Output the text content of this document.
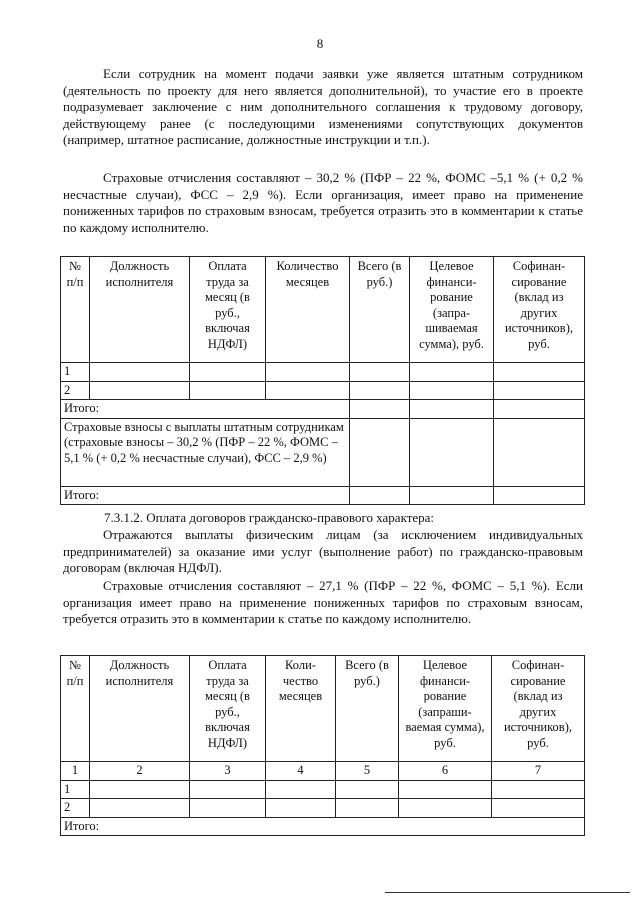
8

Если сотрудник на момент подачи заявки уже является штатным сотрудником (деятельность по проекту для него является дополнительной), то участие его в проекте подразумевает заключение с ним дополнительного соглашения к трудовому договору, действующему ранее (с последующими изменениями сопутствующих документов (например, штатное расписание, должностные инструкции и т.п.).

Страховые отчисления составляют – 30,2 % (ПФР – 22 %, ФОМС –5,1 % (+ 0,2 % несчастные случаи), ФСС – 2,9 %). Если организация, имеет право на применение пониженных тарифов по страховым взносам, требуется отразить это в комментарии к статье по каждому исполнителю.

№ п/п	Должность исполнителя	Оплата труда за месяц (в руб., включая НДФЛ)	Количество месяцев	Всего (в руб.)	Целевое финанси-рование (запра-шиваемая сумма), руб.	Софинан-сирование (вклад из других источников), руб.
1						
2						
Итого:						
Страховые взносы с выплаты штатным сотрудникам (страховые взносы – 30,2 % (ПФР – 22 %, ФОМС – 5,1 % (+ 0,2 % несчастные случаи), ФСС – 2,9 %)						
Итого:						

7.3.1.2. Оплата договоров гражданско-правового характера:

Отражаются выплаты физическим лицам (за исключением индивидуальных предпринимателей) за оказание ими услуг (выполнение работ) по гражданско-правовым договорам (включая НДФЛ).

Страховые отчисления составляют – 27,1 % (ПФР – 22 %, ФОМС – 5,1 %). Если организация имеет право на применение пониженных тарифов по страховым взносам, требуется отразить это в комментарии к статье по каждому исполнителю.

№ п/п	Должность исполнителя	Оплата труда за месяц (в руб., включая НДФЛ)	Коли-чество месяцев	Всего (в руб.)	Целевое финанси-рование (запраши-ваемая сумма), руб.	Софинан-сирование (вклад из других источников), руб.
1	2	3	4	5	6	7
1						
2						
Итого:						
